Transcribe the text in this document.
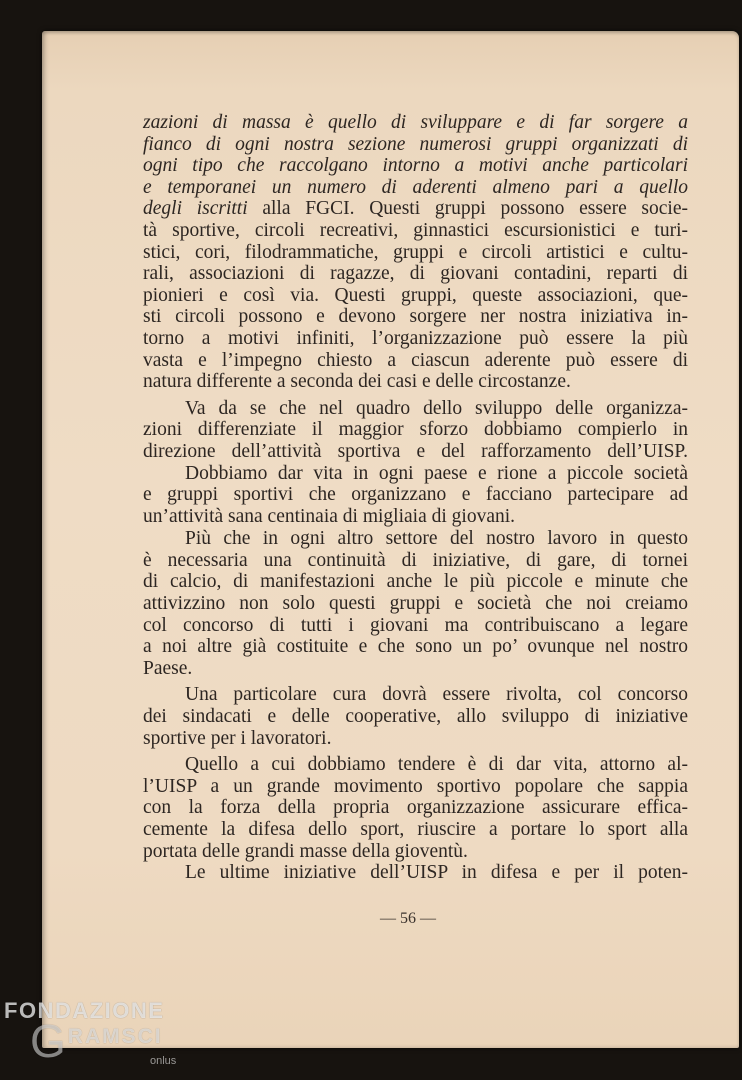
zazioni di massa è quello di sviluppare e di far sorgere a
fianco di ogni nostra sezione numerosi gruppi organizzati di
ogni tipo che raccolgano intorno a motivi anche particolari
e temporanei un numero di aderenti almeno pari a quello
degli iscritti alla FGCI. Questi gruppi possono essere socie-
tà sportive, circoli recreativi, ginnastici escursionistici e turi-
stici, cori, filodrammatiche, gruppi e circoli artistici e cultu-
rali, associazioni di ragazze, di giovani contadini, reparti di
pionieri e così via. Questi gruppi, queste associazioni, que-
sti circoli possono e devono sorgere ner nostra iniziativa in-
torno a motivi infiniti, l’organizzazione può essere la più
vasta e l’impegno chiesto a ciascun aderente può essere di
natura differente a seconda dei casi e delle circostanze.
Va da se che nel quadro dello sviluppo delle organizza-
zioni differenziate il maggior sforzo dobbiamo compierlo in
direzione dell’attività sportiva e del rafforzamento dell’UISP.
Dobbiamo dar vita in ogni paese e rione a piccole società
e gruppi sportivi che organizzano e facciano partecipare ad
un’attività sana centinaia di migliaia di giovani.
Più che in ogni altro settore del nostro lavoro in questo
è necessaria una continuità di iniziative, di gare, di tornei
di calcio, di manifestazioni anche le più piccole e minute che
attivizzino non solo questi gruppi e società che noi creiamo
col concorso di tutti i giovani ma contribuiscano a legare
a noi altre già costituite e che sono un po’ ovunque nel nostro
Paese.
Una particolare cura dovrà essere rivolta, col concorso
dei sindacati e delle cooperative, allo sviluppo di iniziative
sportive per i lavoratori.
Quello a cui dobbiamo tendere è di dar vita, attorno al-
l’UISP a un grande movimento sportivo popolare che sappia
con la forza della propria organizzazione assicurare effica-
cemente la difesa dello sport, riuscire a portare lo sport alla
portata delle grandi masse della gioventù.
Le ultime iniziative dell’UISP in difesa e per il poten-
— 56 —
FONDAZIONE
GRAMSCI
onlus
